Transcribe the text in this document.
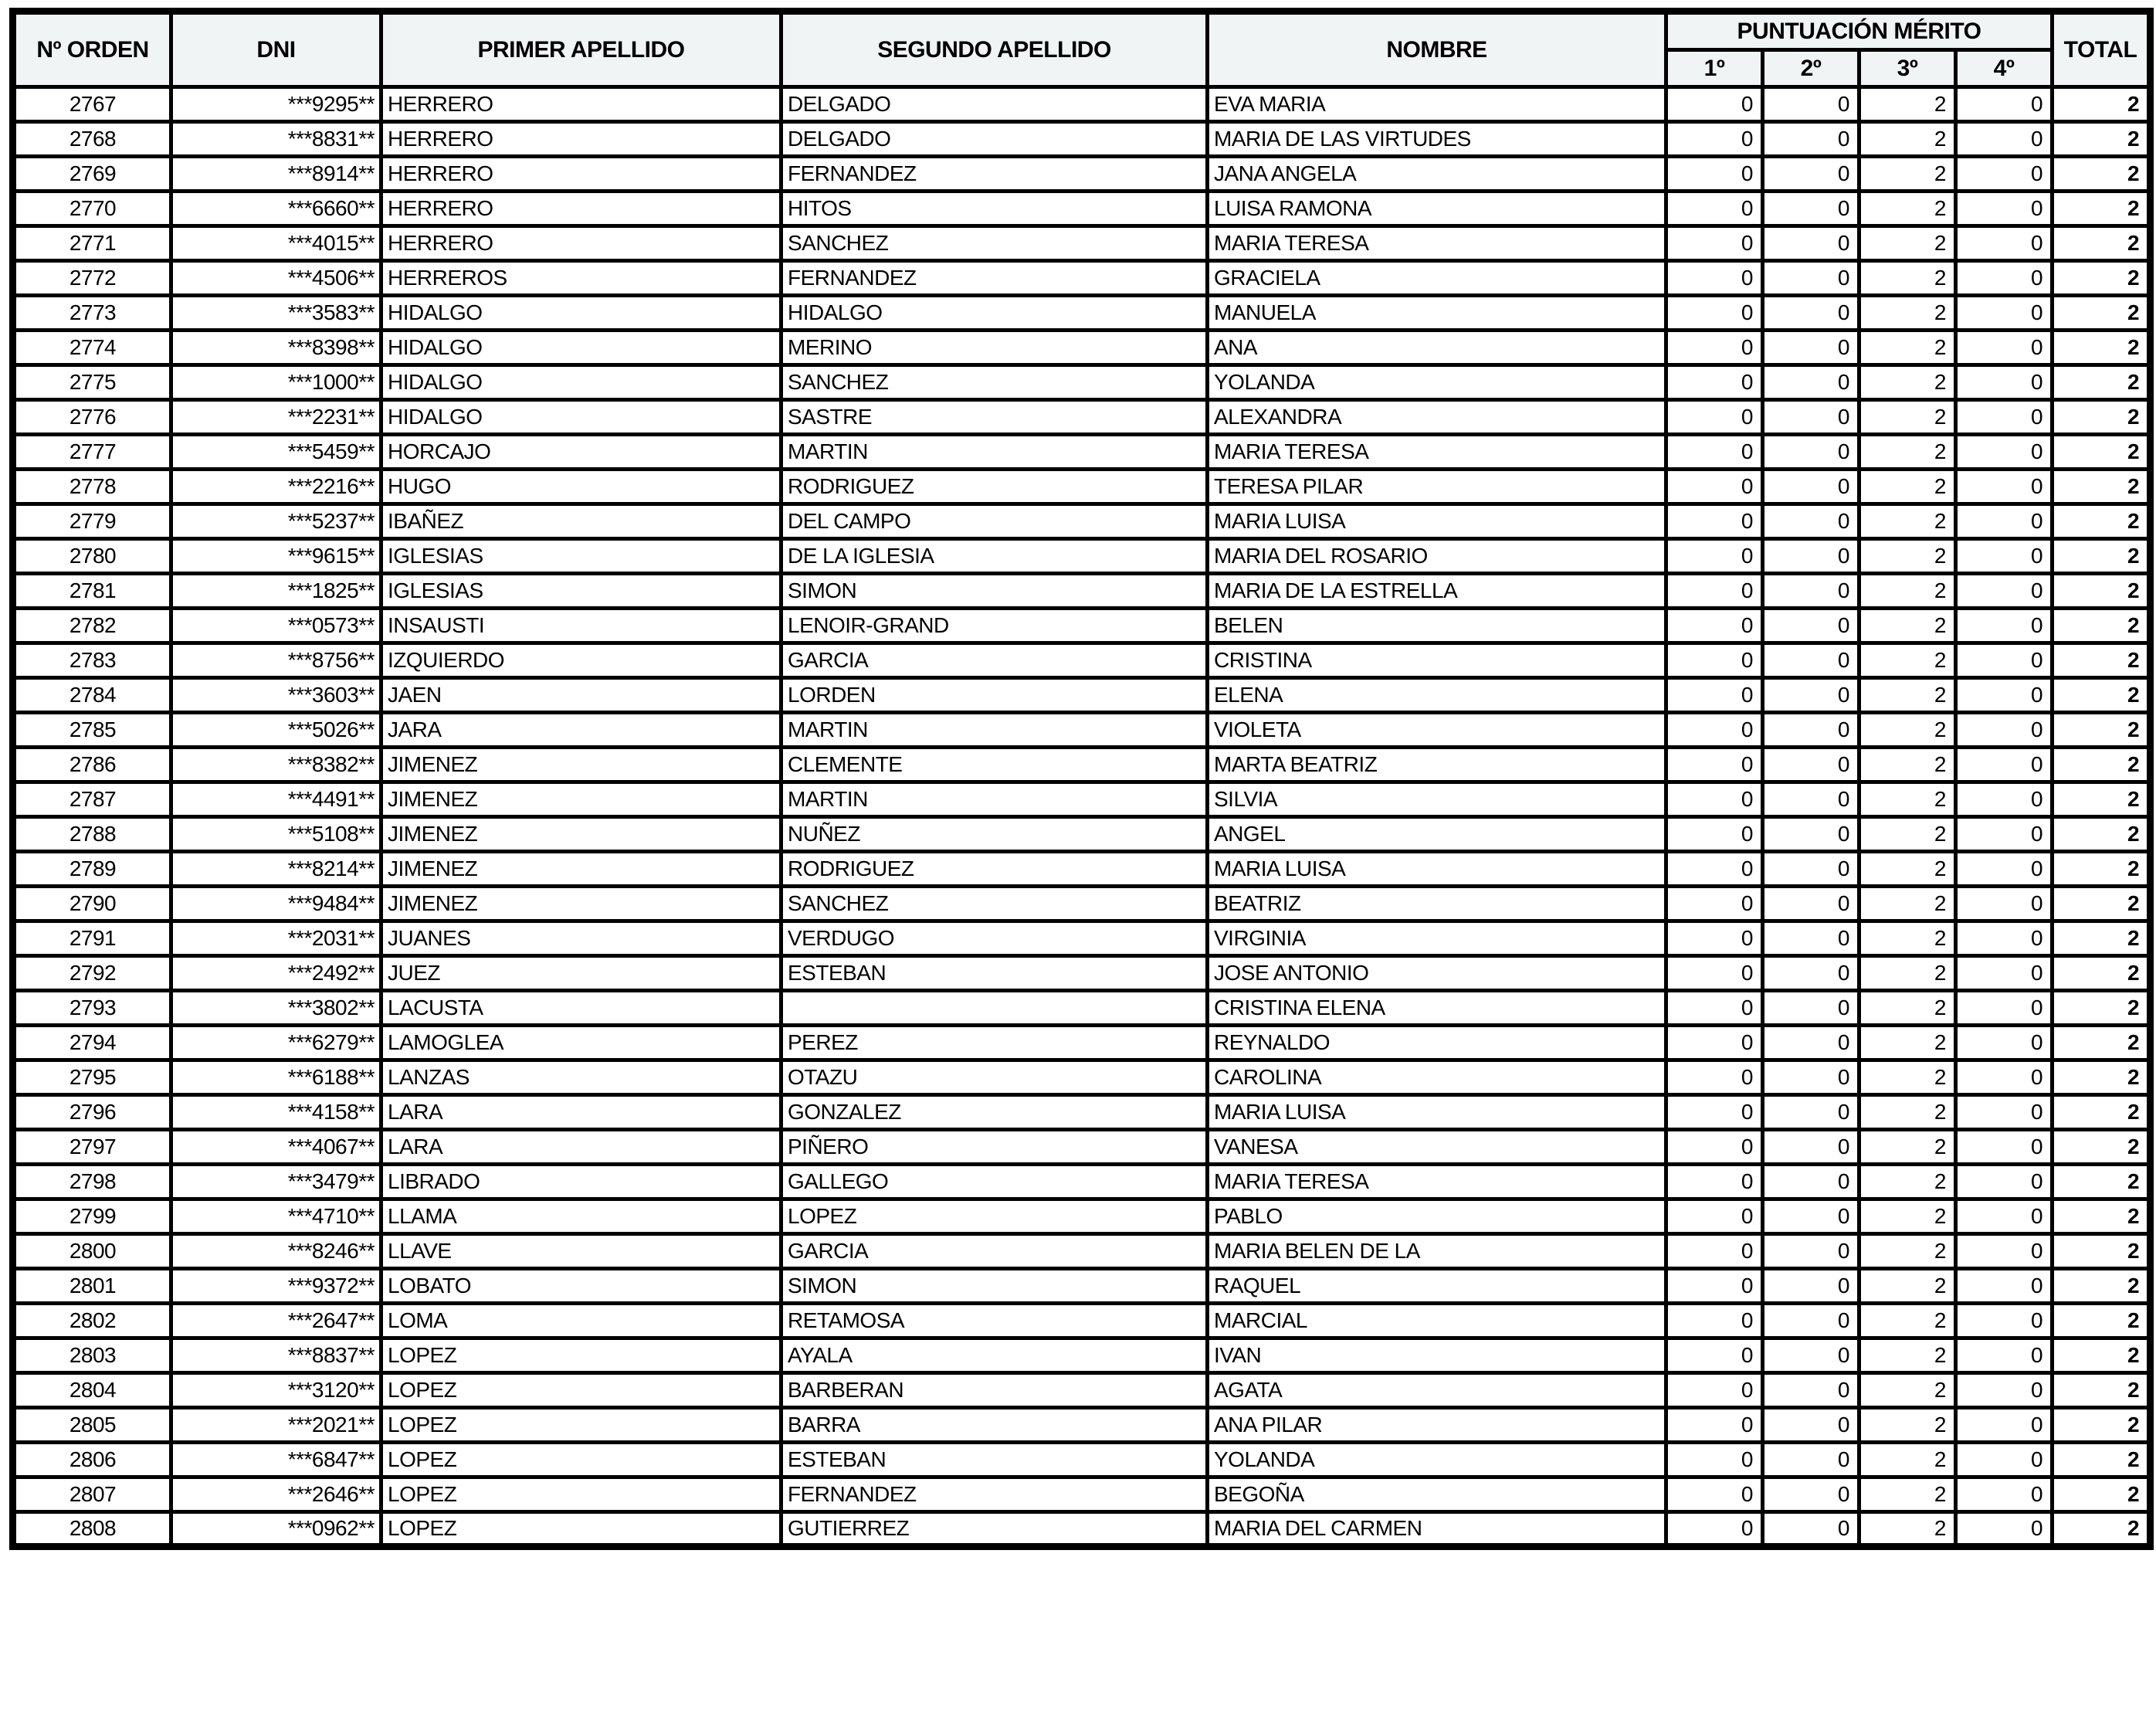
Nº ORDEN	DNI	PRIMER APELLIDO	SEGUNDO APELLIDO	NOMBRE	PUNTUACIÓN MÉRITO				TOTAL
					1º	2º	3º	4º	
2767	***9295**	HERRERO	DELGADO	EVA MARIA	0	0	2	0	2
2768	***8831**	HERRERO	DELGADO	MARIA DE LAS VIRTUDES	0	0	2	0	2
2769	***8914**	HERRERO	FERNANDEZ	JANA ANGELA	0	0	2	0	2
2770	***6660**	HERRERO	HITOS	LUISA RAMONA	0	0	2	0	2
2771	***4015**	HERRERO	SANCHEZ	MARIA TERESA	0	0	2	0	2
2772	***4506**	HERREROS	FERNANDEZ	GRACIELA	0	0	2	0	2
2773	***3583**	HIDALGO	HIDALGO	MANUELA	0	0	2	0	2
2774	***8398**	HIDALGO	MERINO	ANA	0	0	2	0	2
2775	***1000**	HIDALGO	SANCHEZ	YOLANDA	0	0	2	0	2
2776	***2231**	HIDALGO	SASTRE	ALEXANDRA	0	0	2	0	2
2777	***5459**	HORCAJO	MARTIN	MARIA TERESA	0	0	2	0	2
2778	***2216**	HUGO	RODRIGUEZ	TERESA PILAR	0	0	2	0	2
2779	***5237**	IBAÑEZ	DEL CAMPO	MARIA LUISA	0	0	2	0	2
2780	***9615**	IGLESIAS	DE LA IGLESIA	MARIA DEL ROSARIO	0	0	2	0	2
2781	***1825**	IGLESIAS	SIMON	MARIA DE LA ESTRELLA	0	0	2	0	2
2782	***0573**	INSAUSTI	LENOIR-GRAND	BELEN	0	0	2	0	2
2783	***8756**	IZQUIERDO	GARCIA	CRISTINA	0	0	2	0	2
2784	***3603**	JAEN	LORDEN	ELENA	0	0	2	0	2
2785	***5026**	JARA	MARTIN	VIOLETA	0	0	2	0	2
2786	***8382**	JIMENEZ	CLEMENTE	MARTA BEATRIZ	0	0	2	0	2
2787	***4491**	JIMENEZ	MARTIN	SILVIA	0	0	2	0	2
2788	***5108**	JIMENEZ	NUÑEZ	ANGEL	0	0	2	0	2
2789	***8214**	JIMENEZ	RODRIGUEZ	MARIA LUISA	0	0	2	0	2
2790	***9484**	JIMENEZ	SANCHEZ	BEATRIZ	0	0	2	0	2
2791	***2031**	JUANES	VERDUGO	VIRGINIA	0	0	2	0	2
2792	***2492**	JUEZ	ESTEBAN	JOSE ANTONIO	0	0	2	0	2
2793	***3802**	LACUSTA		CRISTINA ELENA	0	0	2	0	2
2794	***6279**	LAMOGLEA	PEREZ	REYNALDO	0	0	2	0	2
2795	***6188**	LANZAS	OTAZU	CAROLINA	0	0	2	0	2
2796	***4158**	LARA	GONZALEZ	MARIA LUISA	0	0	2	0	2
2797	***4067**	LARA	PIÑERO	VANESA	0	0	2	0	2
2798	***3479**	LIBRADO	GALLEGO	MARIA TERESA	0	0	2	0	2
2799	***4710**	LLAMA	LOPEZ	PABLO	0	0	2	0	2
2800	***8246**	LLAVE	GARCIA	MARIA BELEN DE LA	0	0	2	0	2
2801	***9372**	LOBATO	SIMON	RAQUEL	0	0	2	0	2
2802	***2647**	LOMA	RETAMOSA	MARCIAL	0	0	2	0	2
2803	***8837**	LOPEZ	AYALA	IVAN	0	0	2	0	2
2804	***3120**	LOPEZ	BARBERAN	AGATA	0	0	2	0	2
2805	***2021**	LOPEZ	BARRA	ANA PILAR	0	0	2	0	2
2806	***6847**	LOPEZ	ESTEBAN	YOLANDA	0	0	2	0	2
2807	***2646**	LOPEZ	FERNANDEZ	BEGOÑA	0	0	2	0	2
2808	***0962**	LOPEZ	GUTIERREZ	MARIA DEL CARMEN	0	0	2	0	2
